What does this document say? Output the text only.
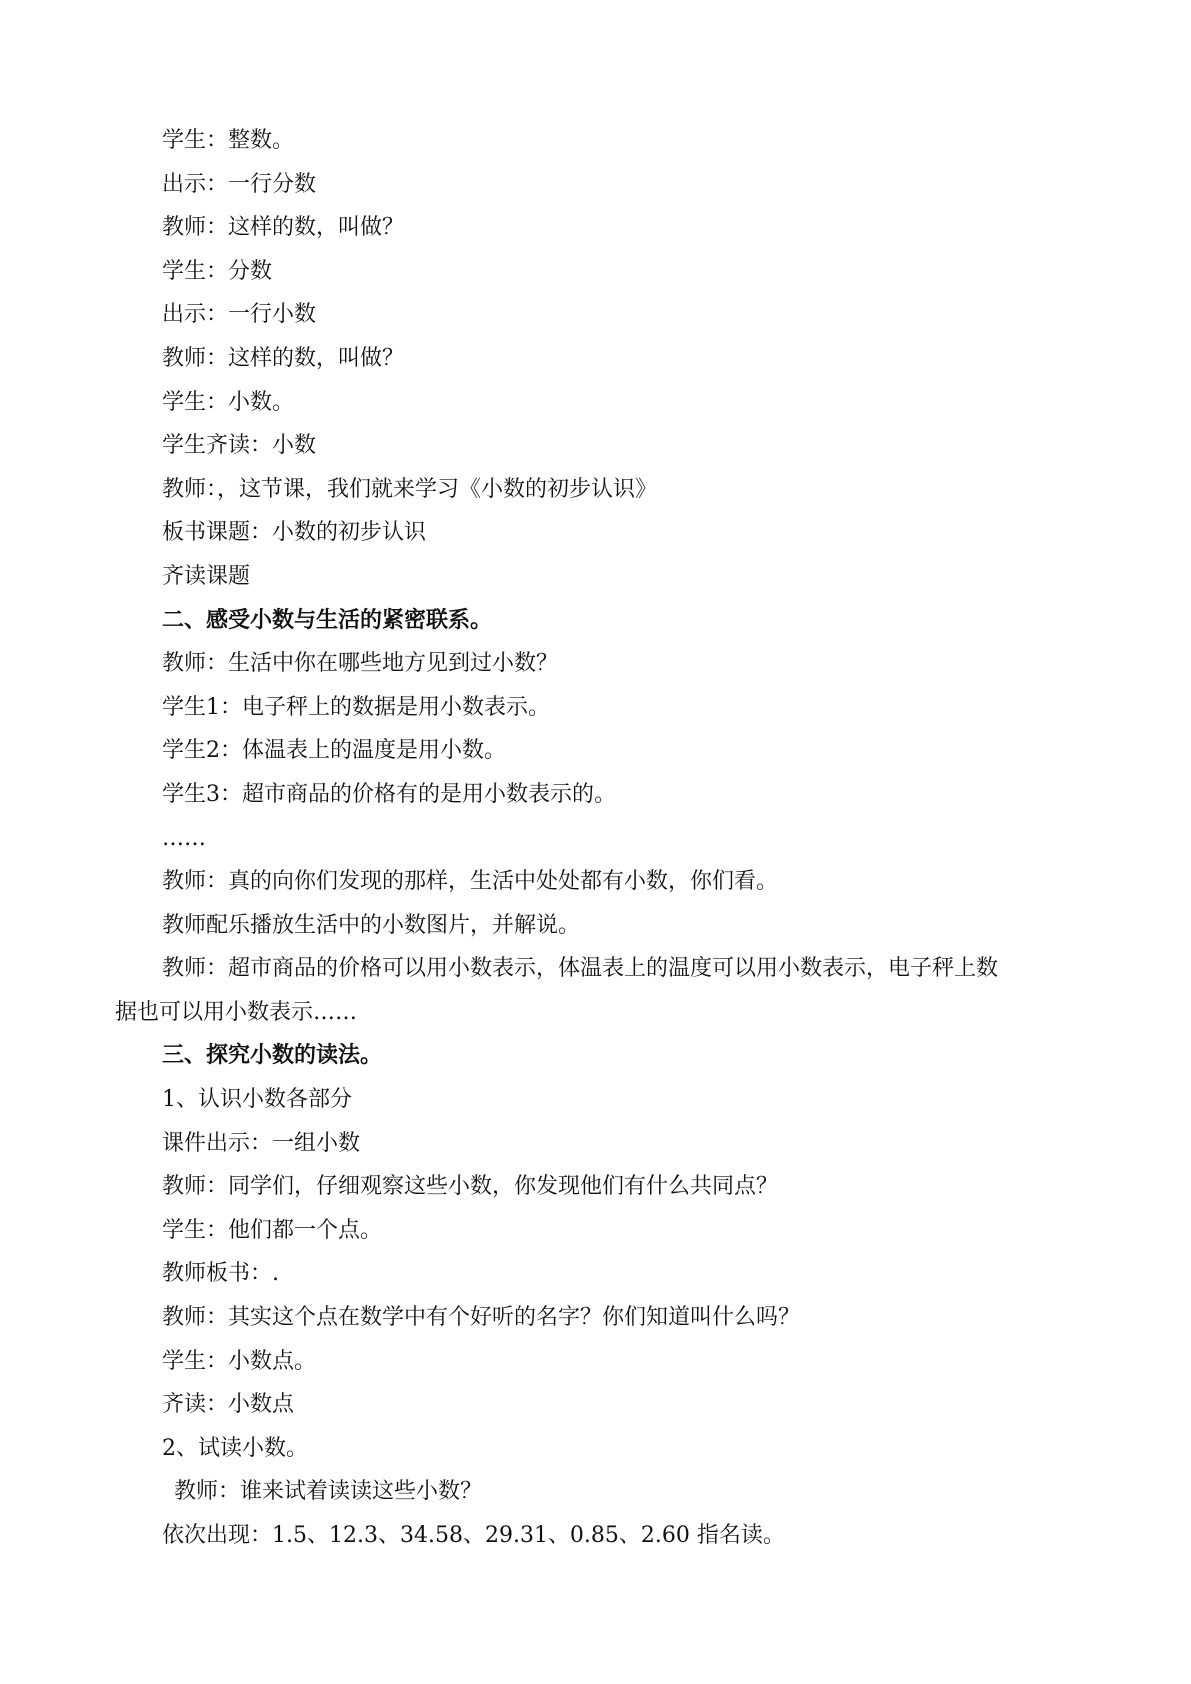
学生：整数。
出示：一行分数
教师：这样的数，叫做？
学生：分数
出示：一行小数
教师：这样的数，叫做？
学生：小数。
学生齐读：小数
教师：，这节课，我们就来学习《小数的初步认识》
板书课题：小数的初步认识
齐读课题
二、感受小数与生活的紧密联系。
教师：生活中你在哪些地方见到过小数？
学生1：电子秤上的数据是用小数表示。
学生2：体温表上的温度是用小数。
学生3：超市商品的价格有的是用小数表示的。
……
教师：真的向你们发现的那样，生活中处处都有小数，你们看。
教师配乐播放生活中的小数图片，并解说。
教师：超市商品的价格可以用小数表示，体温表上的温度可以用小数表示，电子秤上数
据也可以用小数表示……
三、探究小数的读法。
1、认识小数各部分
课件出示：一组小数
教师：同学们，仔细观察这些小数，你发现他们有什么共同点？
学生：他们都一个点。
教师板书：.
教师：其实这个点在数学中有个好听的名字？你们知道叫什么吗？
学生：小数点。
齐读：小数点
2、试读小数。
教师：谁来试着读读这些小数？
依次出现：1.5、12.3、34.58、29.31、0.85、2.60 指名读。
